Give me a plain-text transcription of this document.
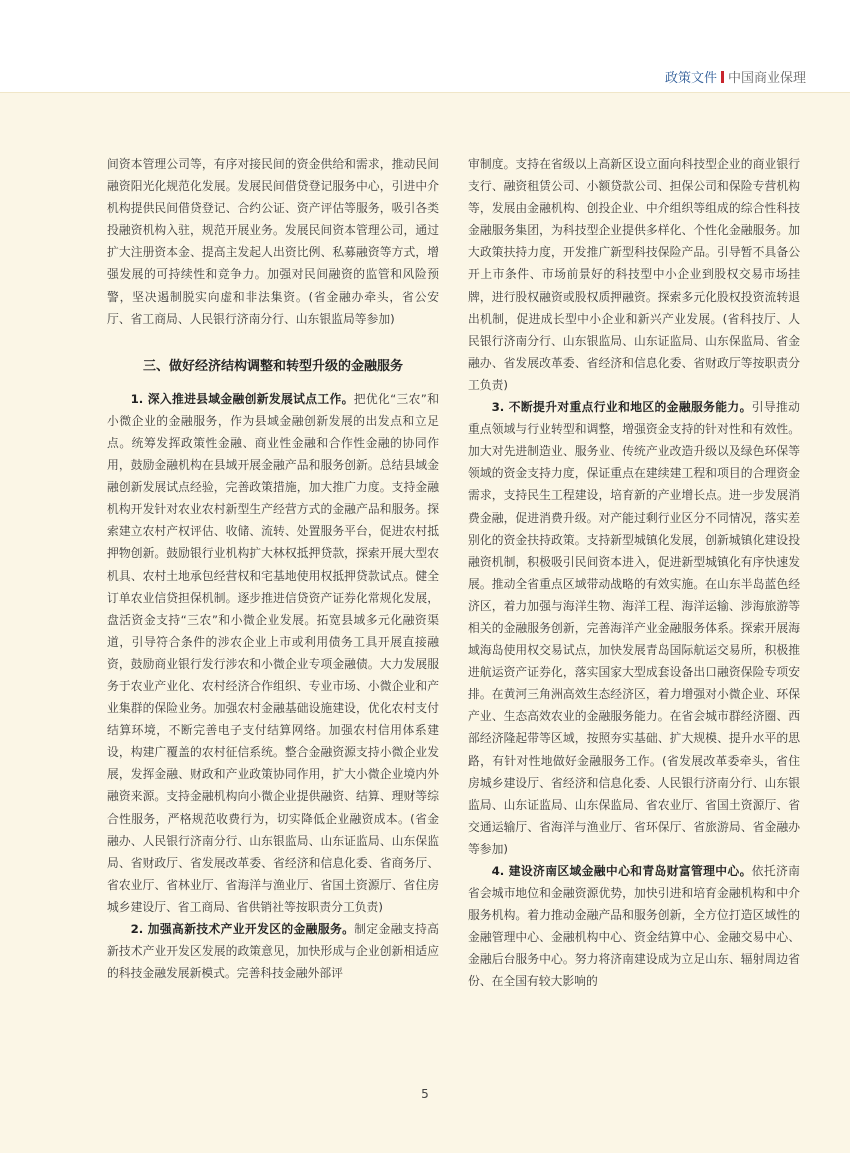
政策文件 中国商业保理

间资本管理公司等，有序对接民间的资金供给和需求，推动民间融资阳光化规范化发展。发展民间借贷登记服务中心，引进中介机构提供民间借贷登记、合约公证、资产评估等服务，吸引各类投融资机构入驻，规范开展业务。发展民间资本管理公司，通过扩大注册资本金、提高主发起人出资比例、私募融资等方式，增强发展的可持续性和竞争力。加强对民间融资的监管和风险预警，坚决遏制脱实向虚和非法集资。(省金融办牵头，省公安厅、省工商局、人民银行济南分行、山东银监局等参加)

三、做好经济结构调整和转型升级的金融服务

1. 深入推进县域金融创新发展试点工作。把优化“三农”和小微企业的金融服务，作为县域金融创新发展的出发点和立足点。统筹发挥政策性金融、商业性金融和合作性金融的协同作用，鼓励金融机构在县域开展金融产品和服务创新。总结县域金融创新发展试点经验，完善政策措施，加大推广力度。支持金融机构开发针对农业农村新型生产经营方式的金融产品和服务。探索建立农村产权评估、收储、流转、处置服务平台，促进农村抵押物创新。鼓励银行业机构扩大林权抵押贷款，探索开展大型农机具、农村土地承包经营权和宅基地使用权抵押贷款试点。健全订单农业信贷担保机制。逐步推进信贷资产证券化常规化发展，盘活资金支持“三农”和小微企业发展。拓宽县域多元化融资渠道，引导符合条件的涉农企业上市或利用债务工具开展直接融资，鼓励商业银行发行涉农和小微企业专项金融债。大力发展服务于农业产业化、农村经济合作组织、专业市场、小微企业和产业集群的保险业务。加强农村金融基础设施建设，优化农村支付结算环境，不断完善电子支付结算网络。加强农村信用体系建设，构建广覆盖的农村征信系统。整合金融资源支持小微企业发展，发挥金融、财政和产业政策协同作用，扩大小微企业境内外融资来源。支持金融机构向小微企业提供融资、结算、理财等综合性服务，严格规范收费行为，切实降低企业融资成本。(省金融办、人民银行济南分行、山东银监局、山东证监局、山东保监局、省财政厅、省发展改革委、省经济和信息化委、省商务厅、省农业厅、省林业厅、省海洋与渔业厅、省国土资源厅、省住房城乡建设厅、省工商局、省供销社等按职责分工负责)

2. 加强高新技术产业开发区的金融服务。制定金融支持高新技术产业开发区发展的政策意见，加快形成与企业创新相适应的科技金融发展新模式。完善科技金融外部评

审制度。支持在省级以上高新区设立面向科技型企业的商业银行支行、融资租赁公司、小额贷款公司、担保公司和保险专营机构等，发展由金融机构、创投企业、中介组织等组成的综合性科技金融服务集团，为科技型企业提供多样化、个性化金融服务。加大政策扶持力度，开发推广新型科技保险产品。引导暂不具备公开上市条件、市场前景好的科技型中小企业到股权交易市场挂牌，进行股权融资或股权质押融资。探索多元化股权投资流转退出机制，促进成长型中小企业和新兴产业发展。(省科技厅、人民银行济南分行、山东银监局、山东证监局、山东保监局、省金融办、省发展改革委、省经济和信息化委、省财政厅等按职责分工负责)

3. 不断提升对重点行业和地区的金融服务能力。引导推动重点领域与行业转型和调整，增强资金支持的针对性和有效性。加大对先进制造业、服务业、传统产业改造升级以及绿色环保等领域的资金支持力度，保证重点在建续建工程和项目的合理资金需求，支持民生工程建设，培育新的产业增长点。进一步发展消费金融，促进消费升级。对产能过剩行业区分不同情况，落实差别化的资金扶持政策。支持新型城镇化发展，创新城镇化建设投融资机制，积极吸引民间资本进入，促进新型城镇化有序快速发展。推动全省重点区域带动战略的有效实施。在山东半岛蓝色经济区，着力加强与海洋生物、海洋工程、海洋运输、涉海旅游等相关的金融服务创新，完善海洋产业金融服务体系。探索开展海域海岛使用权交易试点，加快发展青岛国际航运交易所，积极推进航运资产证券化，落实国家大型成套设备出口融资保险专项安排。在黄河三角洲高效生态经济区，着力增强对小微企业、环保产业、生态高效农业的金融服务能力。在省会城市群经济圈、西部经济隆起带等区域，按照夯实基础、扩大规模、提升水平的思路，有针对性地做好金融服务工作。(省发展改革委牵头，省住房城乡建设厅、省经济和信息化委、人民银行济南分行、山东银监局、山东证监局、山东保监局、省农业厅、省国土资源厅、省交通运输厅、省海洋与渔业厅、省环保厅、省旅游局、省金融办等参加)

4. 建设济南区域金融中心和青岛财富管理中心。依托济南省会城市地位和金融资源优势，加快引进和培育金融机构和中介服务机构。着力推动金融产品和服务创新，全方位打造区域性的金融管理中心、金融机构中心、资金结算中心、金融交易中心、金融后台服务中心。努力将济南建设成为立足山东、辐射周边省份、在全国有较大影响的

5
